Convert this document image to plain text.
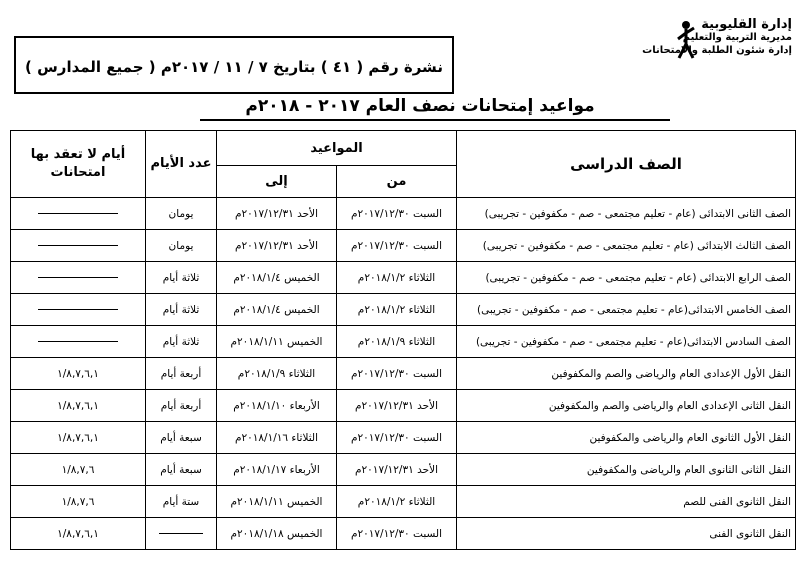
إدارة القليوبية
مديرية التربية والتعليم
إدارة شئون الطلبة والامتحانات
نشرة رقم ( ٤١ ) بتاريخ ٧ / ١١ / ٢٠١٧م ( جميع المدارس )
مواعيد إمتحانات نصف العام ٢٠١٧ - ٢٠١٨م
الصف الدراسى	المواعيد		عدد الأيام	أيام لا تعقد بها امتحانات
	من	إلى		
الصف الثانى الابتدائى (عام - تعليم مجتمعى - صم - مكفوفين - تجريبى)	السبت ٢٠١٧/١٢/٣٠م	الأحد ٢٠١٧/١٢/٣١م	يومان	
الصف الثالث الابتدائى (عام - تعليم مجتمعى - صم - مكفوفين - تجريبى)	السبت ٢٠١٧/١٢/٣٠م	الأحد ٢٠١٧/١٢/٣١م	يومان	
الصف الرابع الابتدائى (عام - تعليم مجتمعى - صم - مكفوفين - تجريبى)	الثلاثاء ٢٠١٨/١/٢م	الخميس ٢٠١٨/١/٤م	ثلاثة أيام	
الصف الخامس الابتدائى(عام - تعليم مجتمعى - صم - مكفوفين - تجريبى)	الثلاثاء ٢٠١٨/١/٢م	الخميس ٢٠١٨/١/٤م	ثلاثة أيام	
الصف السادس الابتدائى(عام - تعليم مجتمعى - صم - مكفوفين - تجريبى)	الثلاثاء ٢٠١٨/١/٩م	الخميس ٢٠١٨/١/١١م	ثلاثة أيام	
النقل الأول الإعدادى العام والرياضى والصم والمكفوفين	السبت ٢٠١٧/١٢/٣٠م	الثلاثاء ٢٠١٨/١/٩م	أربعة أيام	١/٨,٧,٦,١
النقل الثانى الإعدادى العام والرياضى والصم والمكفوفين	الأحد ٢٠١٧/١٢/٣١م	الأربعاء ٢٠١٨/١/١٠م	أربعة أيام	١/٨,٧,٦,١
النقل الأول الثانوى العام والرياضى والمكفوفين	السبت ٢٠١٧/١٢/٣٠م	الثلاثاء ٢٠١٨/١/١٦م	سبعة أيام	١/٨,٧,٦,١
النقل الثانى الثانوى العام والرياضى والمكفوفين	الأحد ٢٠١٧/١٢/٣١م	الأربعاء ٢٠١٨/١/١٧م	سبعة أيام	١/٨,٧,٦
النقل الثانوى الفنى للصم	الثلاثاء ٢٠١٨/١/٢م	الخميس ٢٠١٨/١/١١م	ستة أيام	١/٨,٧,٦
النقل الثانوى الفنى	السبت ٢٠١٧/١٢/٣٠م	الخميس ٢٠١٨/١/١٨م		١/٨,٧,٦,١
